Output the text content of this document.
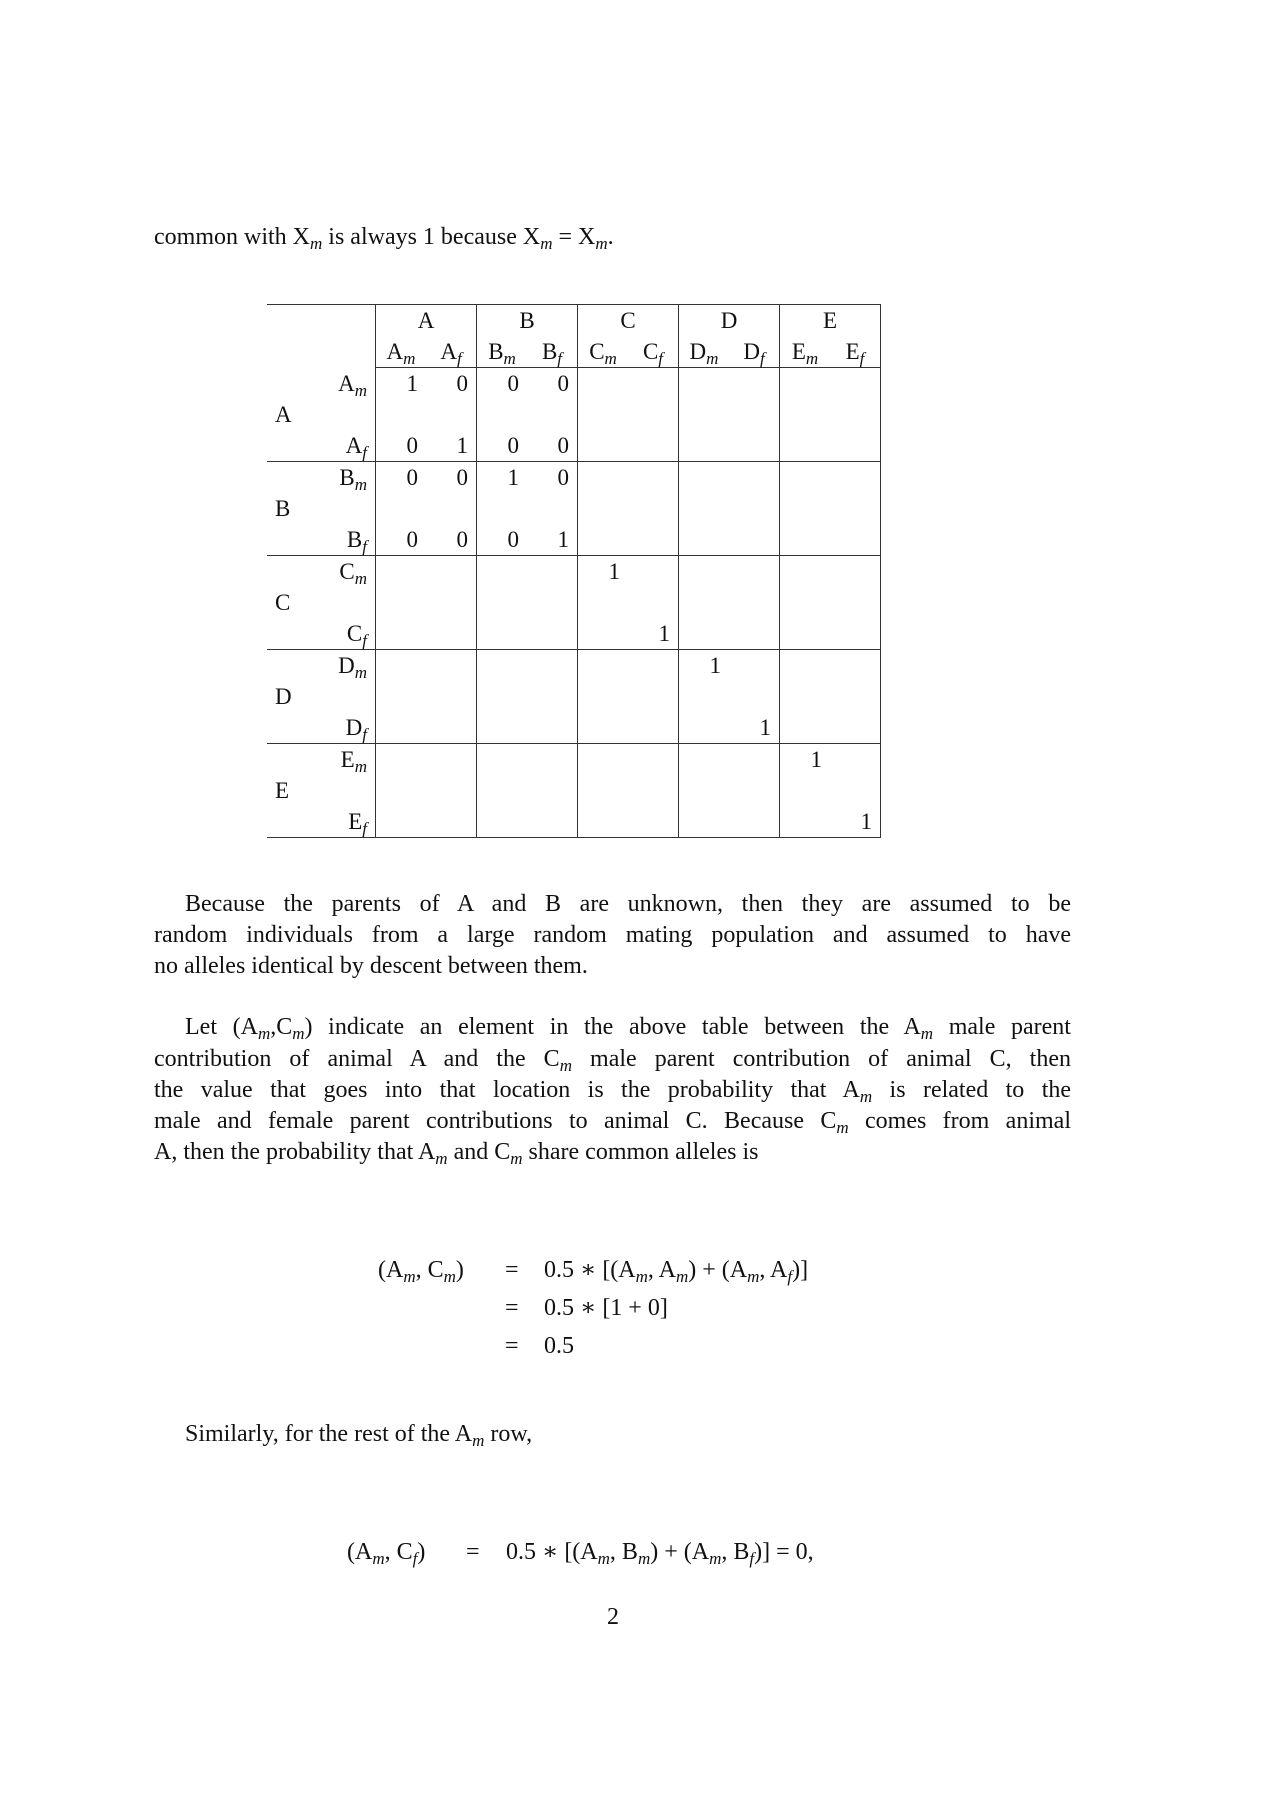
common with $X_m$ is always 1 because $X_m = X_m$.
		A		B		C		D		E	
		$A_m$	$A_f$	$B_m$	$B_f$	$C_m$	$C_f$	$D_m$	$D_f$	$E_m$	$E_f$
A	$A_m$	1	0	0	0						

	$A_f$	0	1	0	0						
B	$B_m$	0	0	1	0						

	$B_f$	0	0	0	1						
C	$C_m$					1					

	$C_f$						1				
D	$D_m$							1			

	$D_f$								1		
E	$E_m$									1	

	$E_f$										1
Because the parents of A and B are unknown, then they are assumed to be
random individuals from a large random mating population and assumed to have
no alleles identical by descent between them.
Let $(A_m,C_m)$ indicate an element in the above table between the $A_m$ male parent
contribution of animal A and the $C_m$ male parent contribution of animal C, then
the value that goes into that location is the probability that $A_m$ is related to the
male and female parent contributions to animal C. Because $C_m$ comes from animal
A, then the probability that $A_m$ and $C_m$ share common alleles is
($A_m$, $C_m) = 0.5$ ∗ [($A_m$, $A_m) + (A_m$, $A_f$)]
= 0.5 ∗ [1 + 0]
= 0.5
Similarly, for the rest of the $A_m$ row,
($A_m$, $C_f) = 0.5$ ∗ [($A_m$, $B_m) + (A_m$, $B_f)] = 0$,
2
